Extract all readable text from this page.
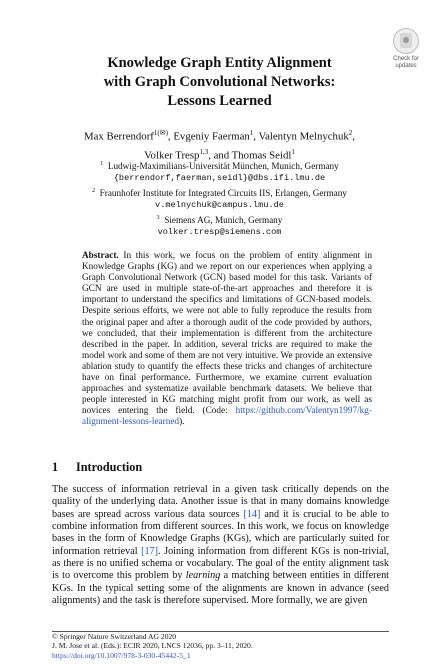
Check for
updates
Knowledge Graph Entity Alignment
with Graph Convolutional Networks:
Lessons Learned
Max Berrendorf$^{1(✉)}$, Evgeniy Faerman$^1$, Valentyn Melnychuk$^2$,
Volker Tresp$^{1,3}$, and Thomas Seidl$^1$
$^1$ Ludwig-Maximilians-Universität München, Munich, Germany
{berrendorf,faerman,seidl}@dbs.ifi.lmu.de
$^2$ Fraunhofer Institute for Integrated Circuits IIS, Erlangen, Germany
v.melnychuk@campus.lmu.de
$^3$ Siemens AG, Munich, Germany
volker.tresp@siemens.com
Abstract. In this work, we focus on the problem of entity alignment in Knowledge Graphs (KG) and we report on our experiences when applying a Graph Convolutional Network (GCN) based model for this task. Variants of GCN are used in multiple state-of-the-art approaches and therefore it is important to understand the specifics and limitations of GCN-based models. Despite serious efforts, we were not able to fully reproduce the results from the original paper and after a thorough audit of the code provided by authors, we concluded, that their implementation is different from the architecture described in the paper. In addition, several tricks are required to make the model work and some of them are not very intuitive. We provide an extensive ablation study to quantify the effects these tricks and changes of architecture have on final performance. Furthermore, we examine current evaluation approaches and systematize available benchmark datasets. We believe that people interested in KG matching might profit from our work, as well as novices entering the field. (Code: https://github.com/Valentyn1997/kg-alignment-lessons-learned).
1 Introduction

The success of information retrieval in a given task critically depends on the quality of the underlying data. Another issue is that in many domains knowledge bases are spread across various data sources [14] and it is crucial to be able to combine information from different sources. In this work, we focus on knowledge bases in the form of Knowledge Graphs (KGs), which are particularly suited for information retrieval [17]. Joining information from different KGs is non-trivial, as there is no unified schema or vocabulary. The goal of the entity alignment task is to overcome this problem by learning a matching between entities in different KGs. In the typical setting some of the alignments are known in advance (seed alignments) and the task is therefore supervised. More formally, we are given

© Springer Nature Switzerland AG 2020
J. M. Jose et al. (Eds.): ECIR 2020, LNCS 12036, pp. 3–11, 2020.
https://doi.org/10.1007/978-3-030-45442-5_1
